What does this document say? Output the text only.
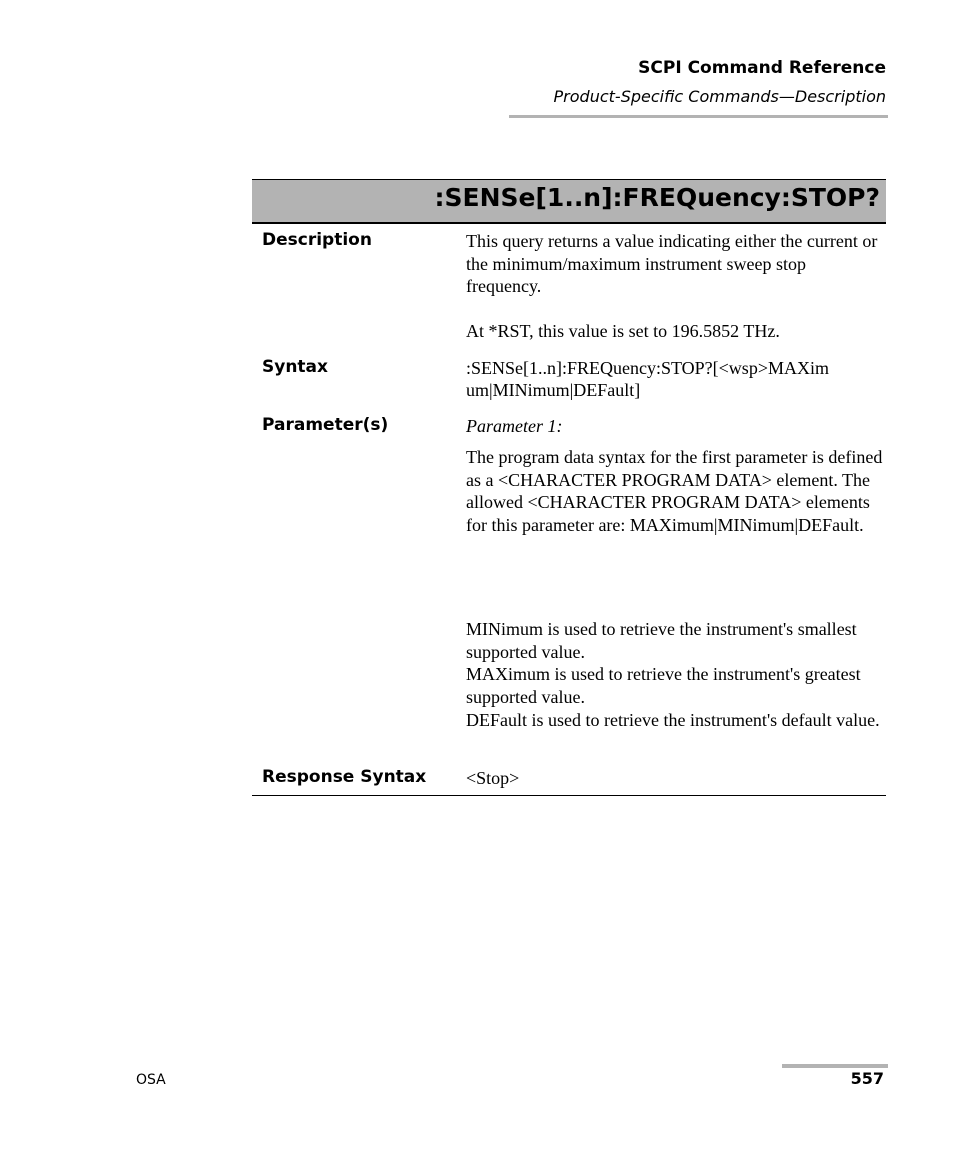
SCPI Command Reference
Product-Specific Commands—Description
:SENSe[1..n]:FREQuency:STOP?
Description	This query returns a value indicating either the current or the minimum/maximum instrument sweep stop frequency.
At *RST, this value is set to 196.5852 THz.
Syntax	:SENSe[1..n]:FREQuency:STOP?[<wsp>MAXim
um|MINimum|DEFault]
Parameter(s)	Parameter 1:
The program data syntax for the first parameter is defined as a <CHARACTER PROGRAM DATA> element. The allowed <CHARACTER PROGRAM DATA> elements for this parameter are: MAXimum|MINimum|DEFault.
MINimum is used to retrieve the instrument's smallest supported value.
MAXimum is used to retrieve the instrument's greatest supported value.
DEFault is used to retrieve the instrument's default value.
Response Syntax <Stop>
OSA	557
